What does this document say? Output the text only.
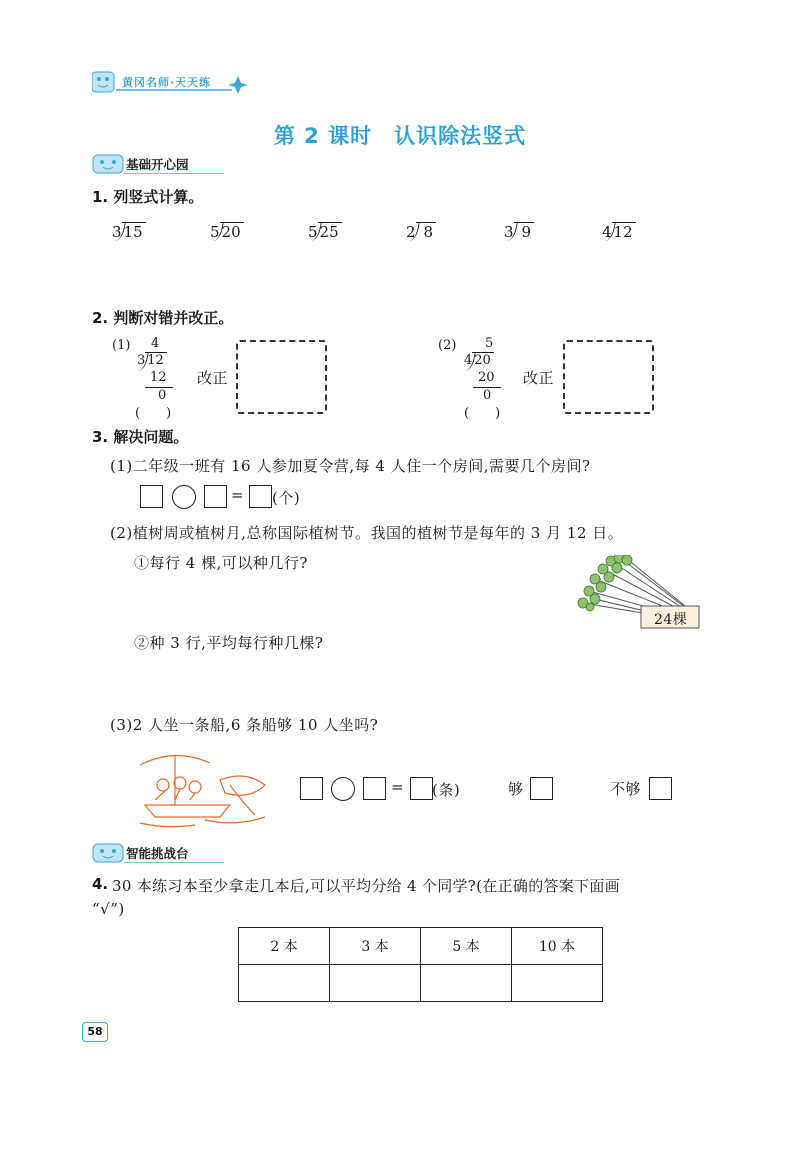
黄冈名师·天天练
第 2 课时　认识除法竖式
基础开心园
1. 列竖式计算。
3 15	5 20	5 25	2 8	3 9	4 12
2. 判断对错并改正。
(1) 4
3 12
12
0
(　　)
改正
(2) 5
4 20
20
0
(　　)
改正
3. 解决问题。
(1)二年级一班有 16 人参加夏令营,每 4 人住一个房间,需要几个房间?
= (个)
(2)植树周或植树月,总称国际植树节。我国的植树节是每年的 3 月 12 日。
①每行 4 棵,可以种几行?
24棵
②种 3 行,平均每行种几棵?
(3)2 人坐一条船,6 条船够 10 人坐吗?
= (条)	够	不够
智能挑战台
4. 30 本练习本至少拿走几本后,可以平均分给 4 个同学?(在正确的答案下面画
“√”)
2 本	3 本	5 本	10 本

58
